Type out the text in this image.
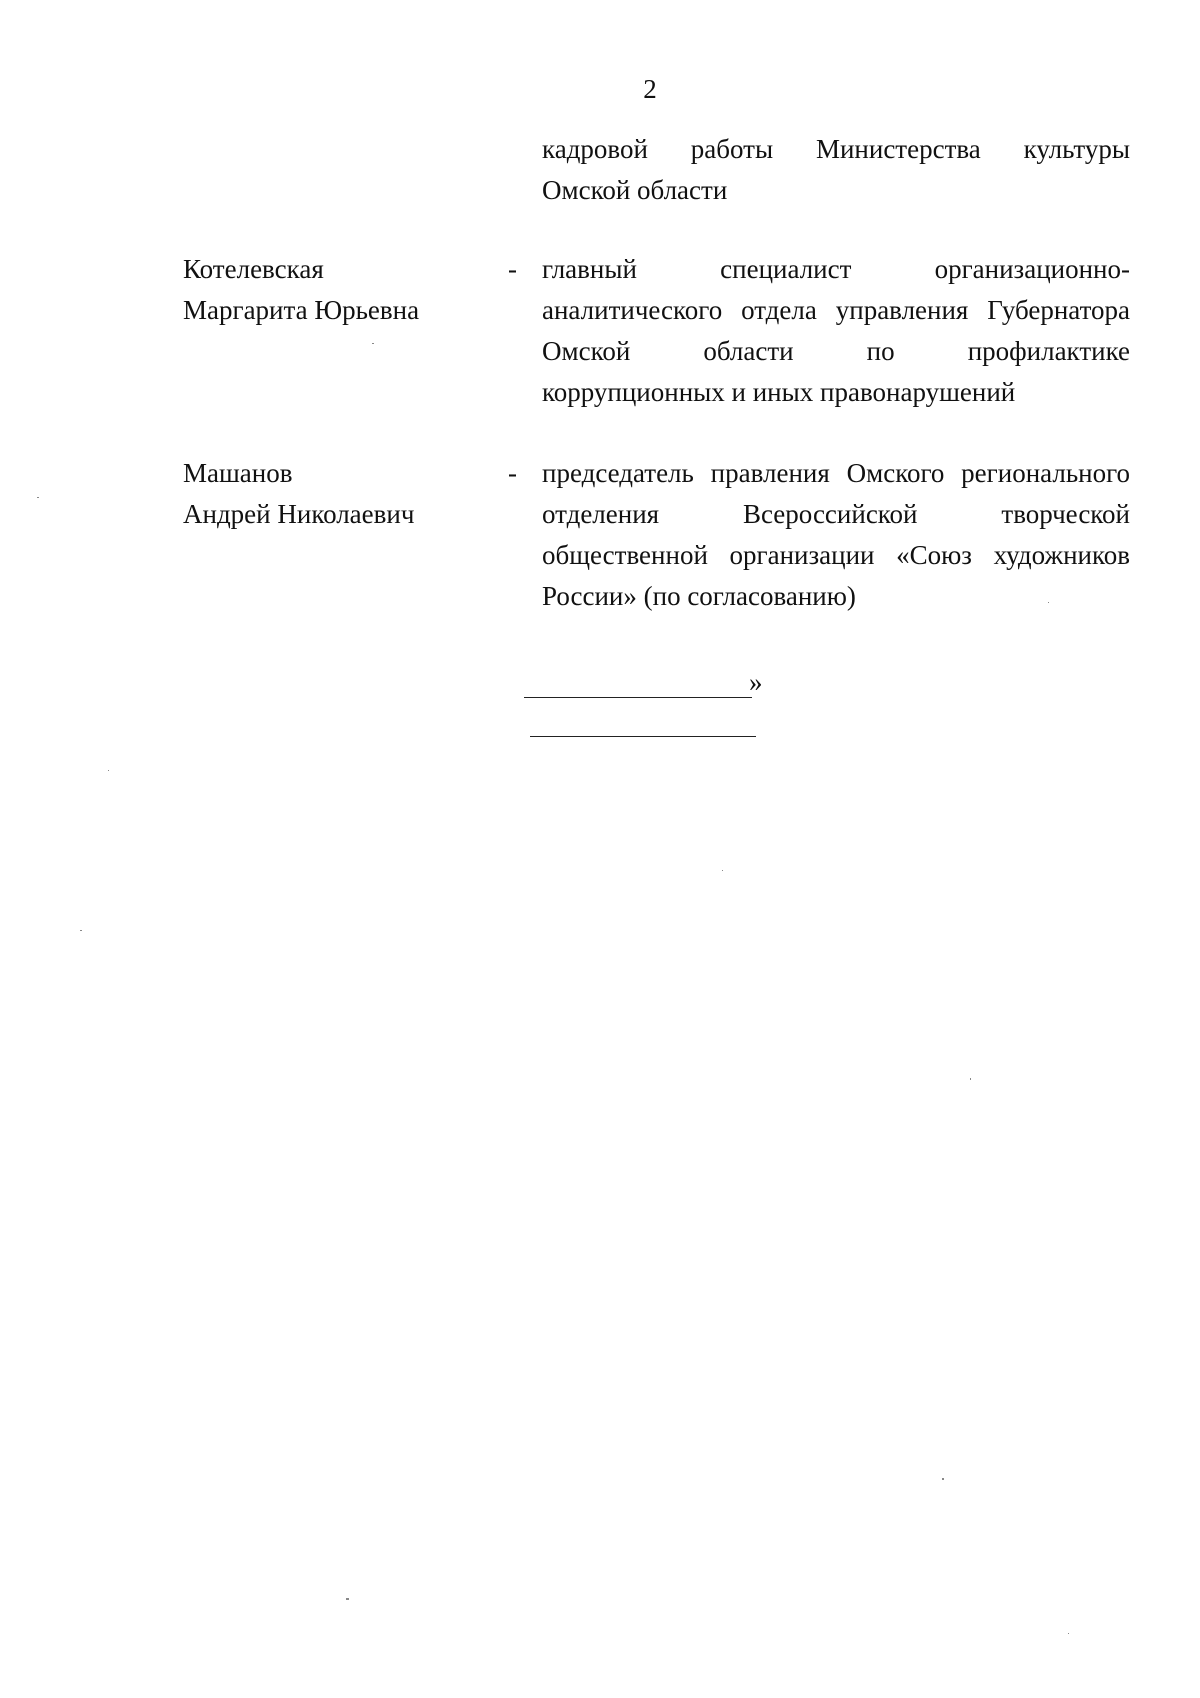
2
кадровой работы Министерства культуры
Омской области
Котелевская
Маргарита Юрьевна
- главный специалист организационно-
аналитического отдела управления Губернатора
Омской области по профилактике
коррупционных и иных правонарушений
Машанов
Андрей Николаевич
- председатель правления Омского регионального
отделения Всероссийской творческой
общественной организации «Союз художников
России» (по согласованию)
»
